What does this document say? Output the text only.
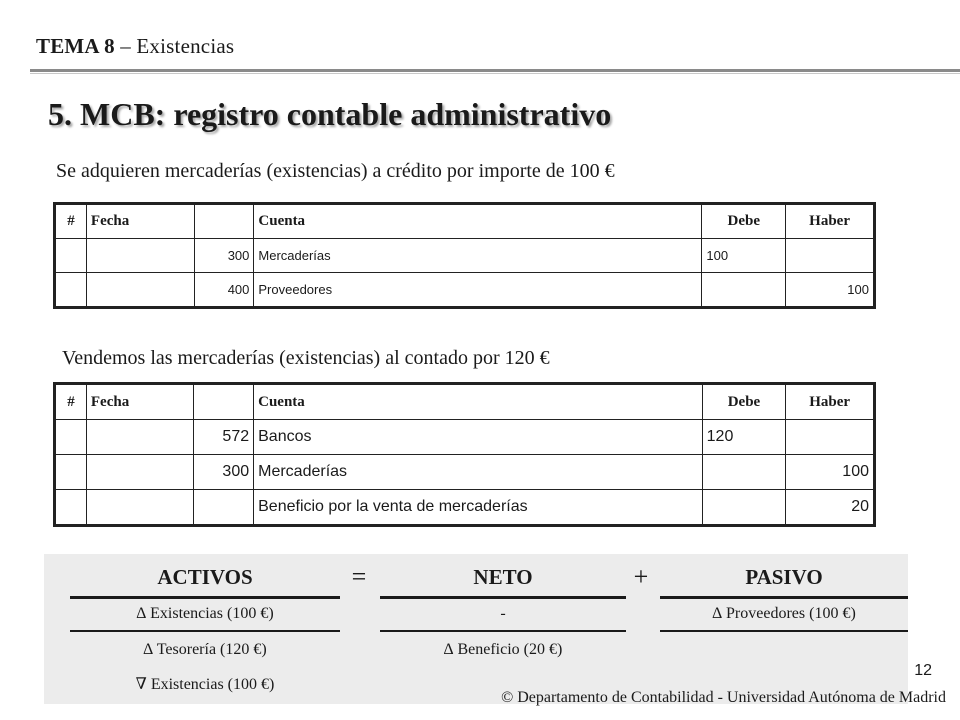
TEMA 8 – Existencias
5. MCB: registro contable administrativo
Se adquieren mercaderías (existencias) a crédito por importe de 100 €
#	Fecha		Cuenta	Debe	Haber
		300	Mercaderías	100	
		400	Proveedores		100
Vendemos las mercaderías (existencias) al contado por 120 €
#	Fecha		Cuenta	Debe	Haber
		572	Bancos	120	
		300	Mercaderías		100
			Beneficio por la venta de mercaderías		20
ACTIVOS	=	NETO	+	PASIVO
∆ Existencias (100 €)	-	∆ Proveedores (100 €)
∆ Tesorería (120 €)	∆ Beneficio (20 €)
∇ Existencias (100 €)
12
© Departamento de Contabilidad - Universidad Autónoma de Madrid
